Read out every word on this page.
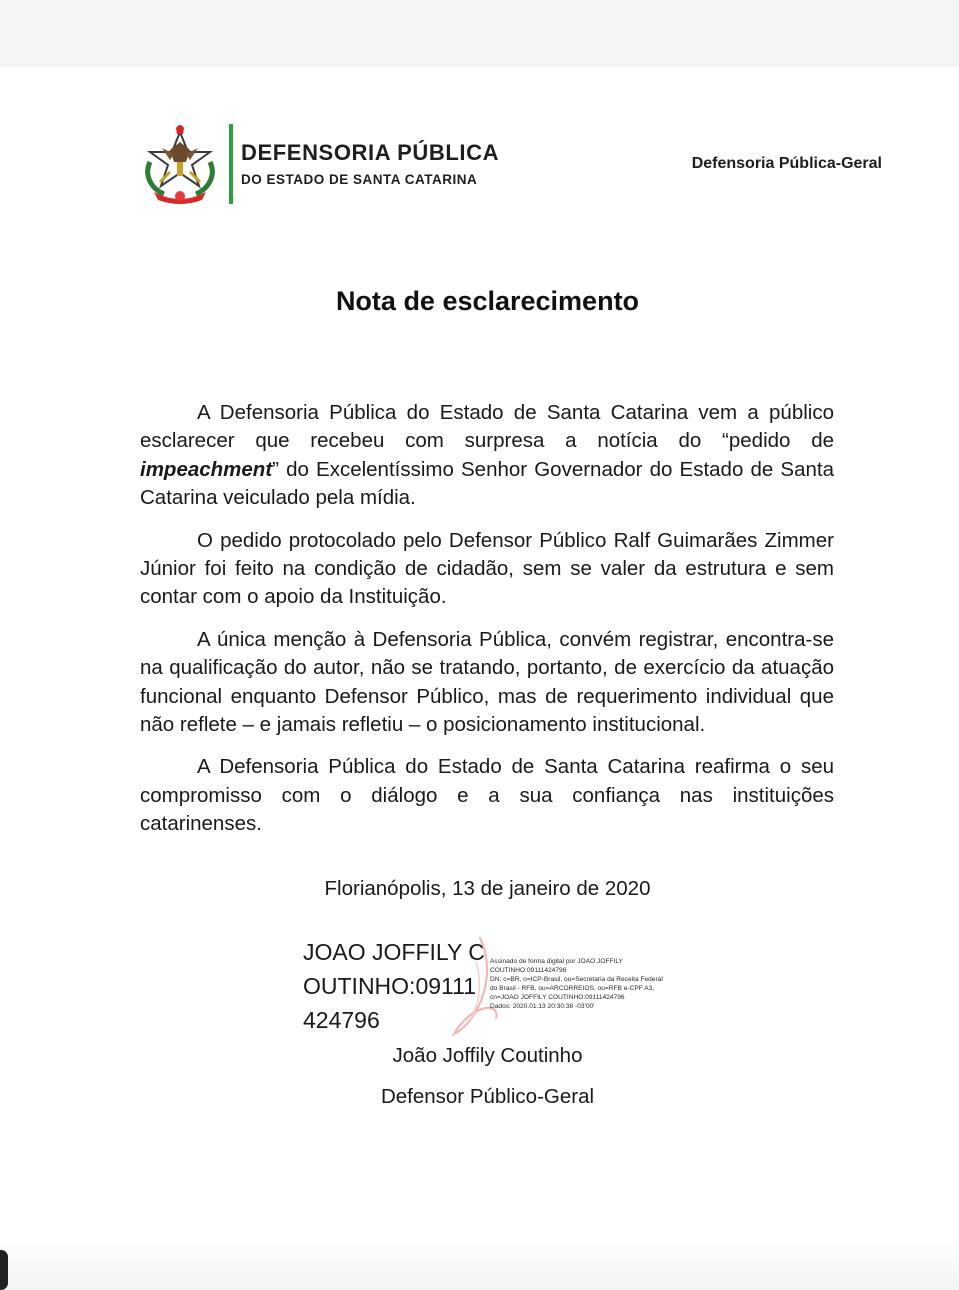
DEFENSORIA PÚBLICA
DO ESTADO DE SANTA CATARINA
Defensoria Pública-Geral
Nota de esclarecimento

A Defensoria Pública do Estado de Santa Catarina vem a público esclarecer que recebeu com surpresa a notícia do “pedido de impeachment” do Excelentíssimo Senhor Governador do Estado de Santa Catarina veiculado pela mídia.

O pedido protocolado pelo Defensor Público Ralf Guimarães Zimmer Júnior foi feito na condição de cidadão, sem se valer da estrutura e sem contar com o apoio da Instituição.

A única menção à Defensoria Pública, convém registrar, encontra-se na qualificação do autor, não se tratando, portanto, de exercício da atuação funcional enquanto Defensor Público, mas de requerimento individual que não reflete – e jamais refletiu – o posicionamento institucional.

A Defensoria Pública do Estado de Santa Catarina reafirma o seu compromisso com o diálogo e a sua confiança nas instituições catarinenses.

Florianópolis, 13 de janeiro de 2020
JOAO JOFFILY COUTINHO:09111424796
Assinado de forma digital por JOAO JOFFILY
COUTINHO:09111424796
DN: c=BR, o=ICP-Brasil, ou=Secretaria da Receita Federal
do Brasil - RFB, ou=ARCORREIOS, ou=RFB e-CPF A3,
cn=JOAO JOFFILY COUTINHO:09111424796
Dados: 2020.01.13 20:30:38 -03'00'
João Joffily Coutinho
Defensor Público-Geral
